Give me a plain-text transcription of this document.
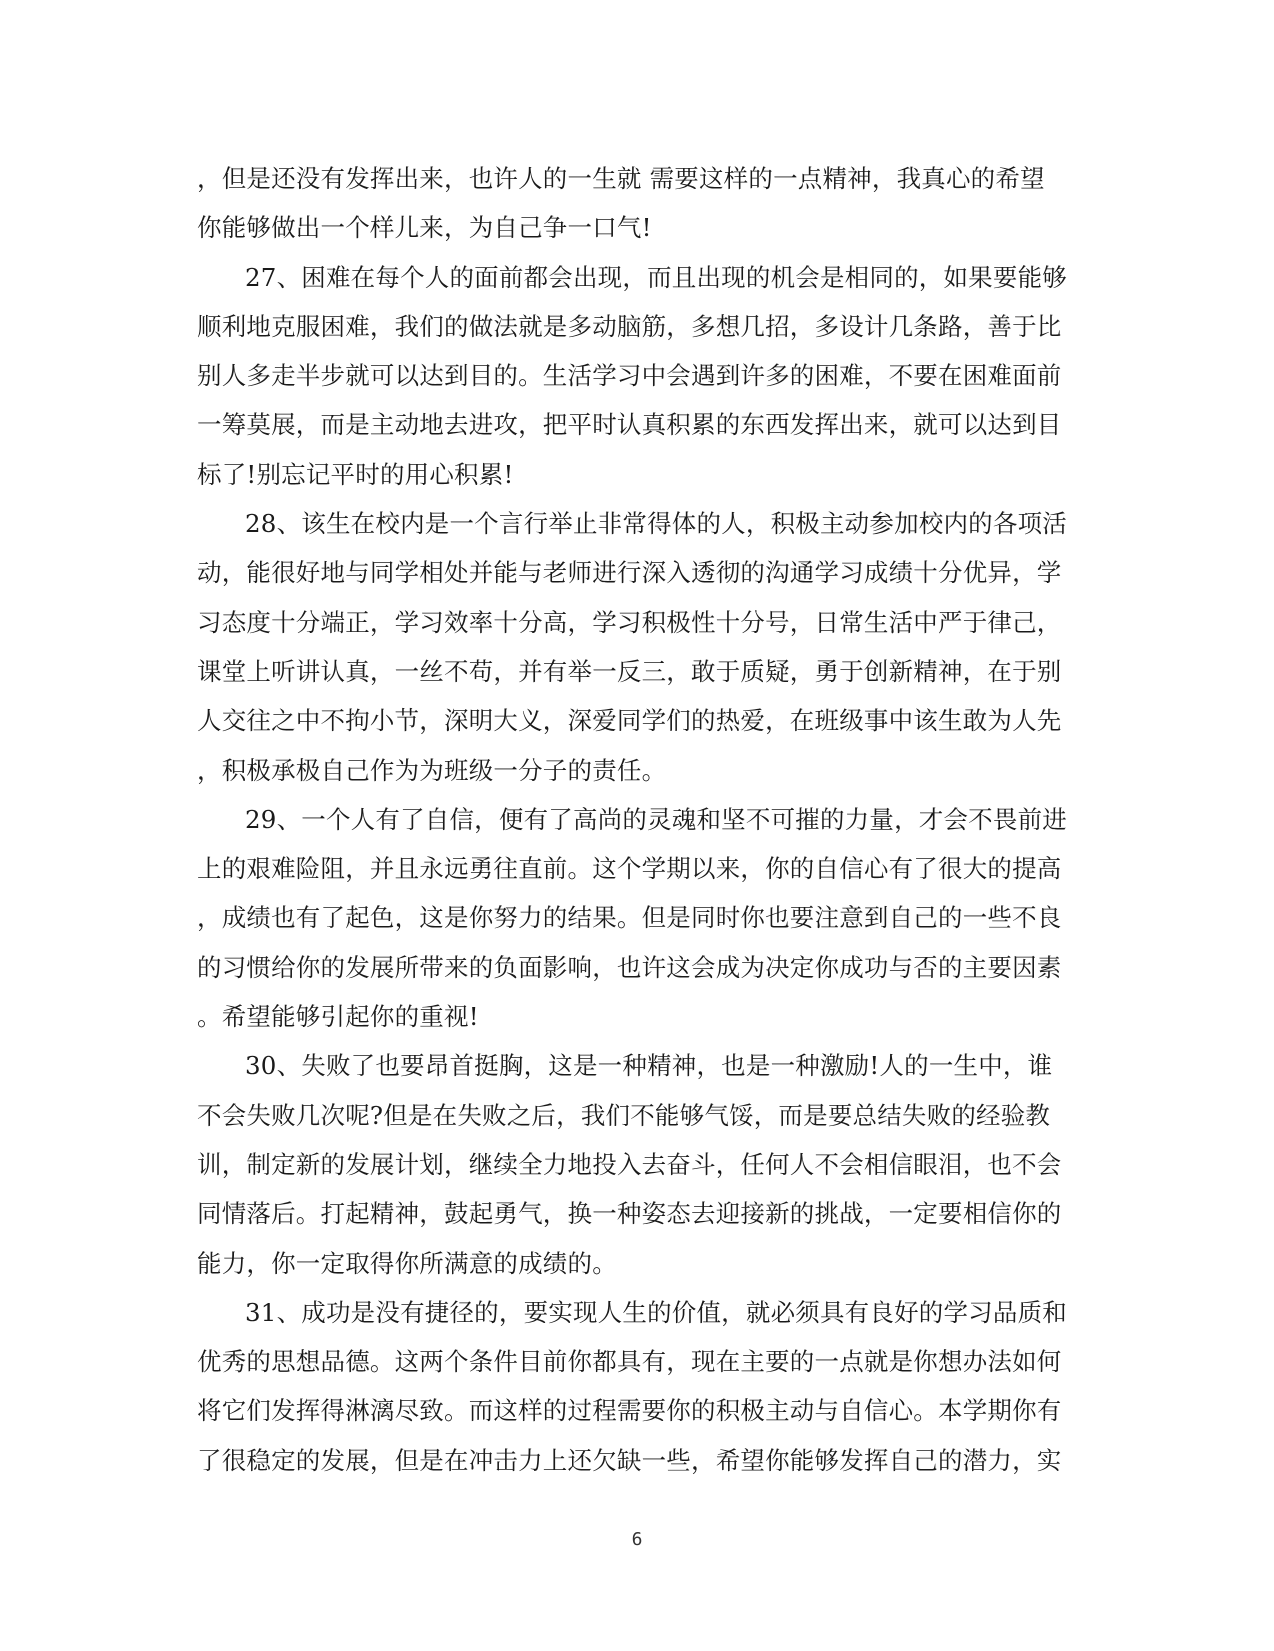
，但是还没有发挥出来，也许人的一生就 需要这样的一点精神，我真心的希望
你能够做出一个样儿来，为自己争一口气!
27、困难在每个人的面前都会出现，而且出现的机会是相同的，如果要能够
顺利地克服困难，我们的做法就是多动脑筋，多想几招，多设计几条路，善于比
别人多走半步就可以达到目的。生活学习中会遇到许多的困难，不要在困难面前
一筹莫展，而是主动地去进攻，把平时认真积累的东西发挥出来，就可以达到目
标了!别忘记平时的用心积累!
28、该生在校内是一个言行举止非常得体的人，积极主动参加校内的各项活
动，能很好地与同学相处并能与老师进行深入透彻的沟通学习成绩十分优异，学
习态度十分端正，学习效率十分高，学习积极性十分号，日常生活中严于律己，
课堂上听讲认真，一丝不苟，并有举一反三，敢于质疑，勇于创新精神，在于别
人交往之中不拘小节，深明大义，深爱同学们的热爱，在班级事中该生敢为人先
，积极承极自己作为为班级一分子的责任。
29、一个人有了自信，便有了高尚的灵魂和坚不可摧的力量，才会不畏前进
上的艰难险阻，并且永远勇往直前。这个学期以来，你的自信心有了很大的提高
，成绩也有了起色，这是你努力的结果。但是同时你也要注意到自己的一些不良
的习惯给你的发展所带来的负面影响，也许这会成为决定你成功与否的主要因素
。希望能够引起你的重视!
30、失败了也要昂首挺胸，这是一种精神，也是一种激励!人的一生中，谁
不会失败几次呢?但是在失败之后，我们不能够气馁，而是要总结失败的经验教
训，制定新的发展计划，继续全力地投入去奋斗，任何人不会相信眼泪，也不会
同情落后。打起精神，鼓起勇气，换一种姿态去迎接新的挑战，一定要相信你的
能力，你一定取得你所满意的成绩的。
31、成功是没有捷径的，要实现人生的价值，就必须具有良好的学习品质和
优秀的思想品德。这两个条件目前你都具有，现在主要的一点就是你想办法如何
将它们发挥得淋漓尽致。而这样的过程需要你的积极主动与自信心。本学期你有
了很稳定的发展，但是在冲击力上还欠缺一些，希望你能够发挥自己的潜力，实
6
